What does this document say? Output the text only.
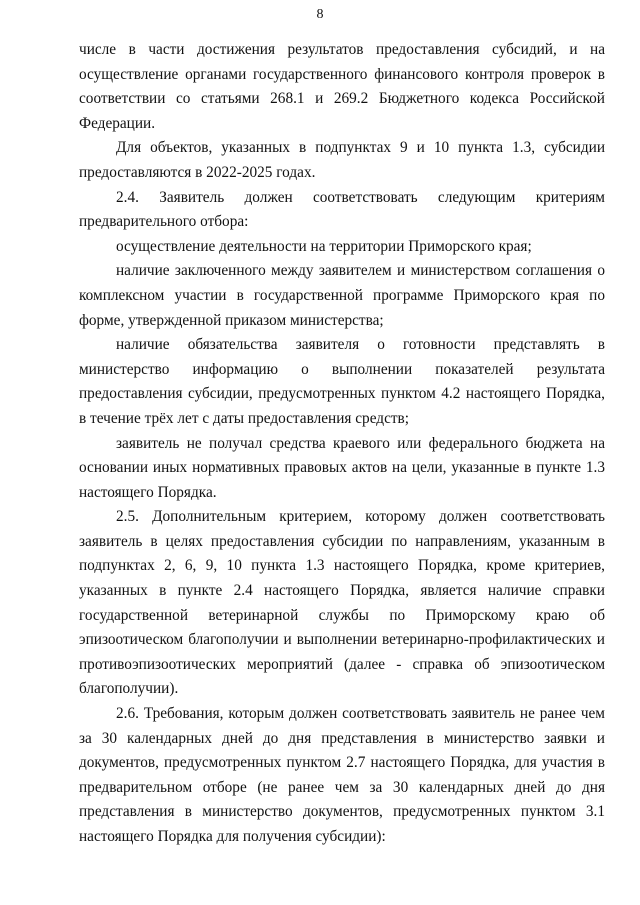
8

числе в части достижения результатов предоставления субсидий, и на осуществление органами государственного финансового контроля проверок в соответствии со статьями 268.1 и 269.2 Бюджетного кодекса Российской Федерации.

Для объектов, указанных в подпунктах 9 и 10 пункта 1.3, субсидии предоставляются в 2022-2025 годах.

2.4. Заявитель должен соответствовать следующим критериям предварительного отбора:

осуществление деятельности на территории Приморского края;

наличие заключенного между заявителем и министерством соглашения о комплексном участии в государственной программе Приморского края по форме, утвержденной приказом министерства;

наличие обязательства заявителя о готовности представлять в министерство информацию о выполнении показателей результата предоставления субсидии, предусмотренных пунктом 4.2 настоящего Порядка, в течение трёх лет с даты предоставления средств;

заявитель не получал средства краевого или федерального бюджета на основании иных нормативных правовых актов на цели, указанные в пункте 1.3 настоящего Порядка.

2.5. Дополнительным критерием, которому должен соответствовать заявитель в целях предоставления субсидии по направлениям, указанным в подпунктах 2, 6, 9, 10 пункта 1.3 настоящего Порядка, кроме критериев, указанных в пункте 2.4 настоящего Порядка, является наличие справки государственной ветеринарной службы по Приморскому краю об эпизоотическом благополучии и выполнении ветеринарно-профилактических и противоэпизоотических мероприятий (далее - справка об эпизоотическом благополучии).

2.6. Требования, которым должен соответствовать заявитель не ранее чем за 30 календарных дней до дня представления в министерство заявки и документов, предусмотренных пунктом 2.7 настоящего Порядка, для участия в предварительном отборе (не ранее чем за 30 календарных дней до дня представления в министерство документов, предусмотренных пунктом 3.1 настоящего Порядка для получения субсидии):
